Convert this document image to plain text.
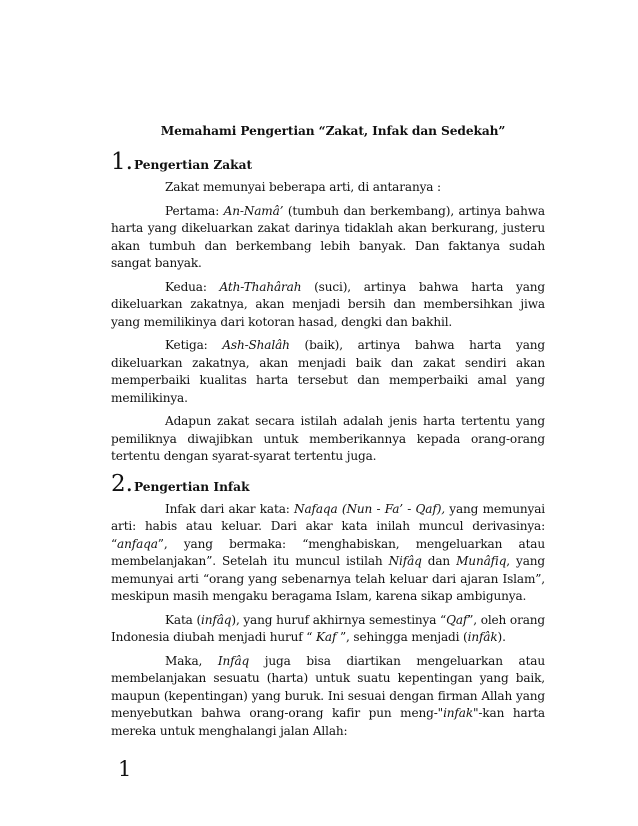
Memahami Pengertian “Zakat, Infak dan Sedekah”
1. Pengertian Zakat

Zakat memunyai beberapa arti, di antaranya :

Pertama: An-Namâ’ (tumbuh dan berkembang), artinya bahwa harta yang dikeluarkan zakat darinya tidaklah akan berkurang, justeru akan tumbuh dan berkembang lebih banyak. Dan faktanya sudah sangat banyak.

Kedua: Ath-Thahârah (suci), artinya bahwa harta yang dikeluarkan zakatnya, akan menjadi bersih dan membersihkan jiwa yang memilikinya dari kotoran hasad, dengki dan bakhil.

Ketiga: Ash-Shalâh (baik), artinya bahwa harta yang dikeluarkan zakatnya, akan menjadi baik dan zakat sendiri akan memperbaiki kualitas harta tersebut dan memperbaiki amal yang memilikinya.

Adapun zakat secara istilah adalah jenis harta tertentu yang pemiliknya diwajibkan untuk memberikannya kepada orang-orang tertentu dengan syarat-syarat tertentu juga.

2. Pengertian Infak

Infak dari akar kata: Nafaqa (Nun - Fa’ - Qaf), yang memunyai arti: habis atau keluar. Dari akar kata inilah muncul derivasinya: “anfaqa”, yang bermaka: “menghabiskan, mengeluarkan atau membelanjakan”. Setelah itu muncul istilah Nifâq dan Munâfiq, yang memunyai arti “orang yang sebenarnya telah keluar dari ajaran Islam”, meskipun masih mengaku beragama Islam, karena sikap ambigunya.

Kata (infâq), yang huruf akhirnya semestinya “Qaf”, oleh orang Indonesia diubah menjadi huruf “ Kaf ”, sehingga menjadi (infâk).

Maka, Infâq juga bisa diartikan mengeluarkan atau membelanjakan sesuatu (harta) untuk suatu kepentingan yang baik, maupun (kepentingan) yang buruk. Ini sesuai dengan firman Allah yang menyebutkan bahwa orang-orang kafir pun meng-"infak"-kan harta mereka untuk menghalangi jalan Allah:

1
